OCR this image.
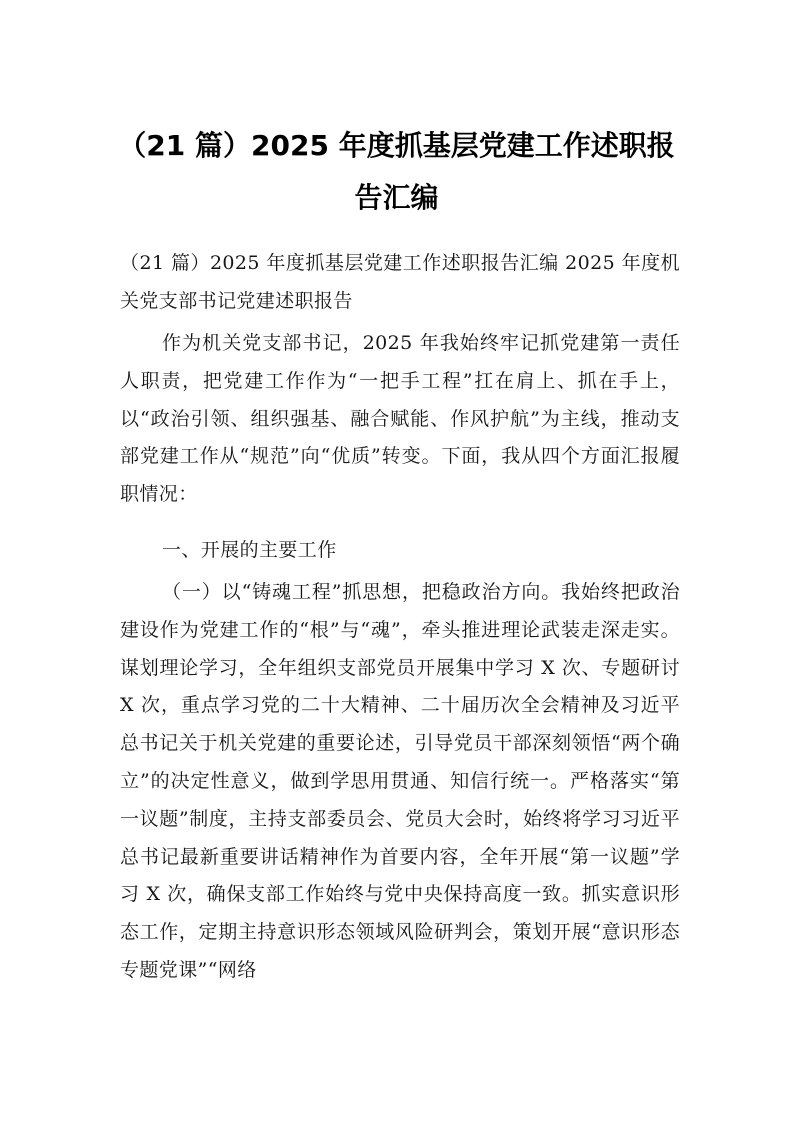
（21 篇）2025 年度抓基层党建工作述职报告汇编
（21 篇）2025 年度抓基层党建工作述职报告汇编 2025 年度机关党支部书记党建述职报告
作为机关党支部书记，2025 年我始终牢记抓党建第一责任人职责，把党建工作作为“一把手工程”扛在肩上、抓在手上，以“政治引领、组织强基、融合赋能、作风护航”为主线，推动支部党建工作从“规范”向“优质”转变。下面，我从四个方面汇报履职情况：
一、开展的主要工作
（一）以“铸魂工程”抓思想，把稳政治方向。我始终把政治建设作为党建工作的“根”与“魂”，牵头推进理论武装走深走实。谋划理论学习，全年组织支部党员开展集中学习 X 次、专题研讨 X 次，重点学习党的二十大精神、二十届历次全会精神及习近平总书记关于机关党建的重要论述，引导党员干部深刻领悟“两个确立”的决定性意义，做到学思用贯通、知信行统一。严格落实“第一议题”制度，主持支部委员会、党员大会时，始终将学习习近平总书记最新重要讲话精神作为首要内容，全年开展“第一议题”学习 X 次，确保支部工作始终与党中央保持高度一致。抓实意识形态工作，定期主持意识形态领域风险研判会，策划开展“意识形态专题党课”“网络
